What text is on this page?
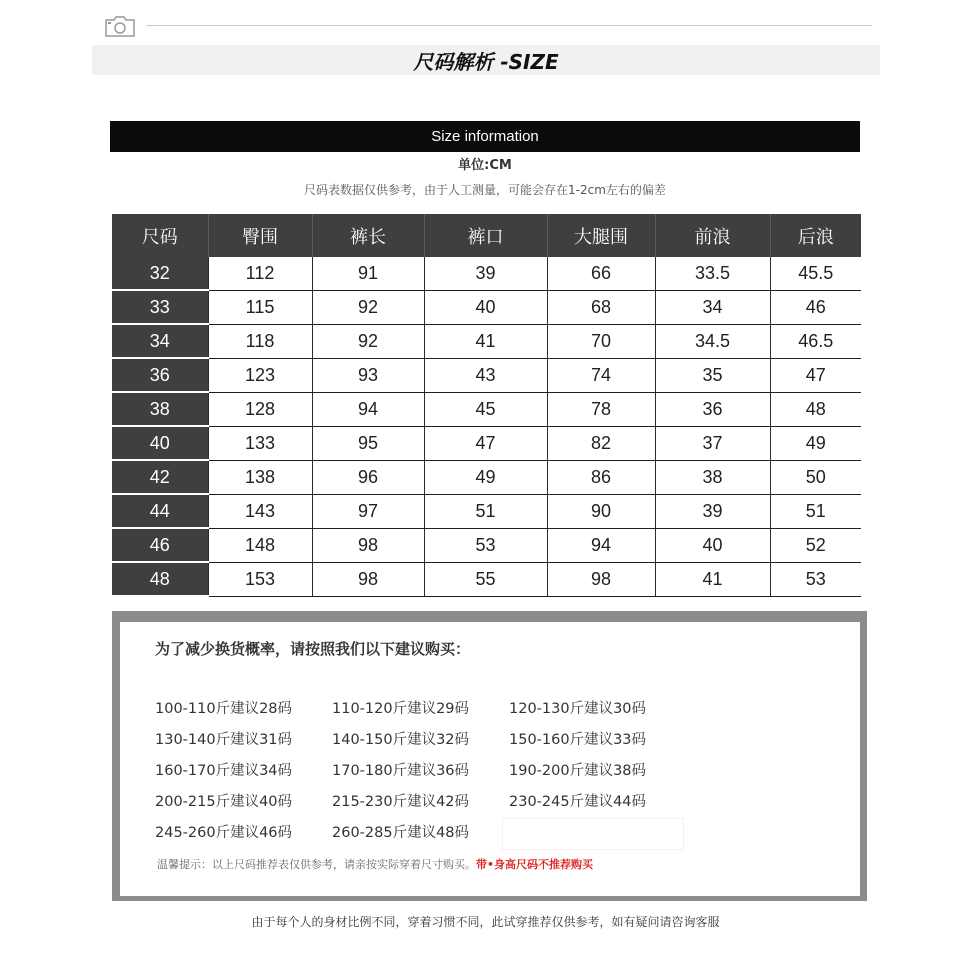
尺码解析 -SIZE
Size information
单位:CM
尺码表数据仅供参考，由于人工测量，可能会存在1-2cm左右的偏差
尺码	臀围	裤长	裤口	大腿围	前浪	后浪
32	112	91	39	66	33.5	45.5
33	115	92	40	68	34	46
34	118	92	41	70	34.5	46.5
36	123	93	43	74	35	47
38	128	94	45	78	36	48
40	133	95	47	82	37	49
42	138	96	49	86	38	50
44	143	97	51	90	39	51
46	148	98	53	94	40	52
48	153	98	55	98	41	53
为了减少换货概率，请按照我们以下建议购买：
100-110斤建议28码	110-120斤建议29码	120-130斤建议30码
130-140斤建议31码	140-150斤建议32码	150-160斤建议33码
160-170斤建议34码	170-180斤建议36码	190-200斤建议38码
200-215斤建议40码	215-230斤建议42码	230-245斤建议44码
245-260斤建议46码	260-285斤建议48码
温馨提示：以上尺码推荐表仅供参考，请亲按实际穿着尺寸购买。带•身高尺码不推荐购买
由于每个人的身材比例不同，穿着习惯不同，此试穿推荐仅供参考，如有疑问请咨询客服
